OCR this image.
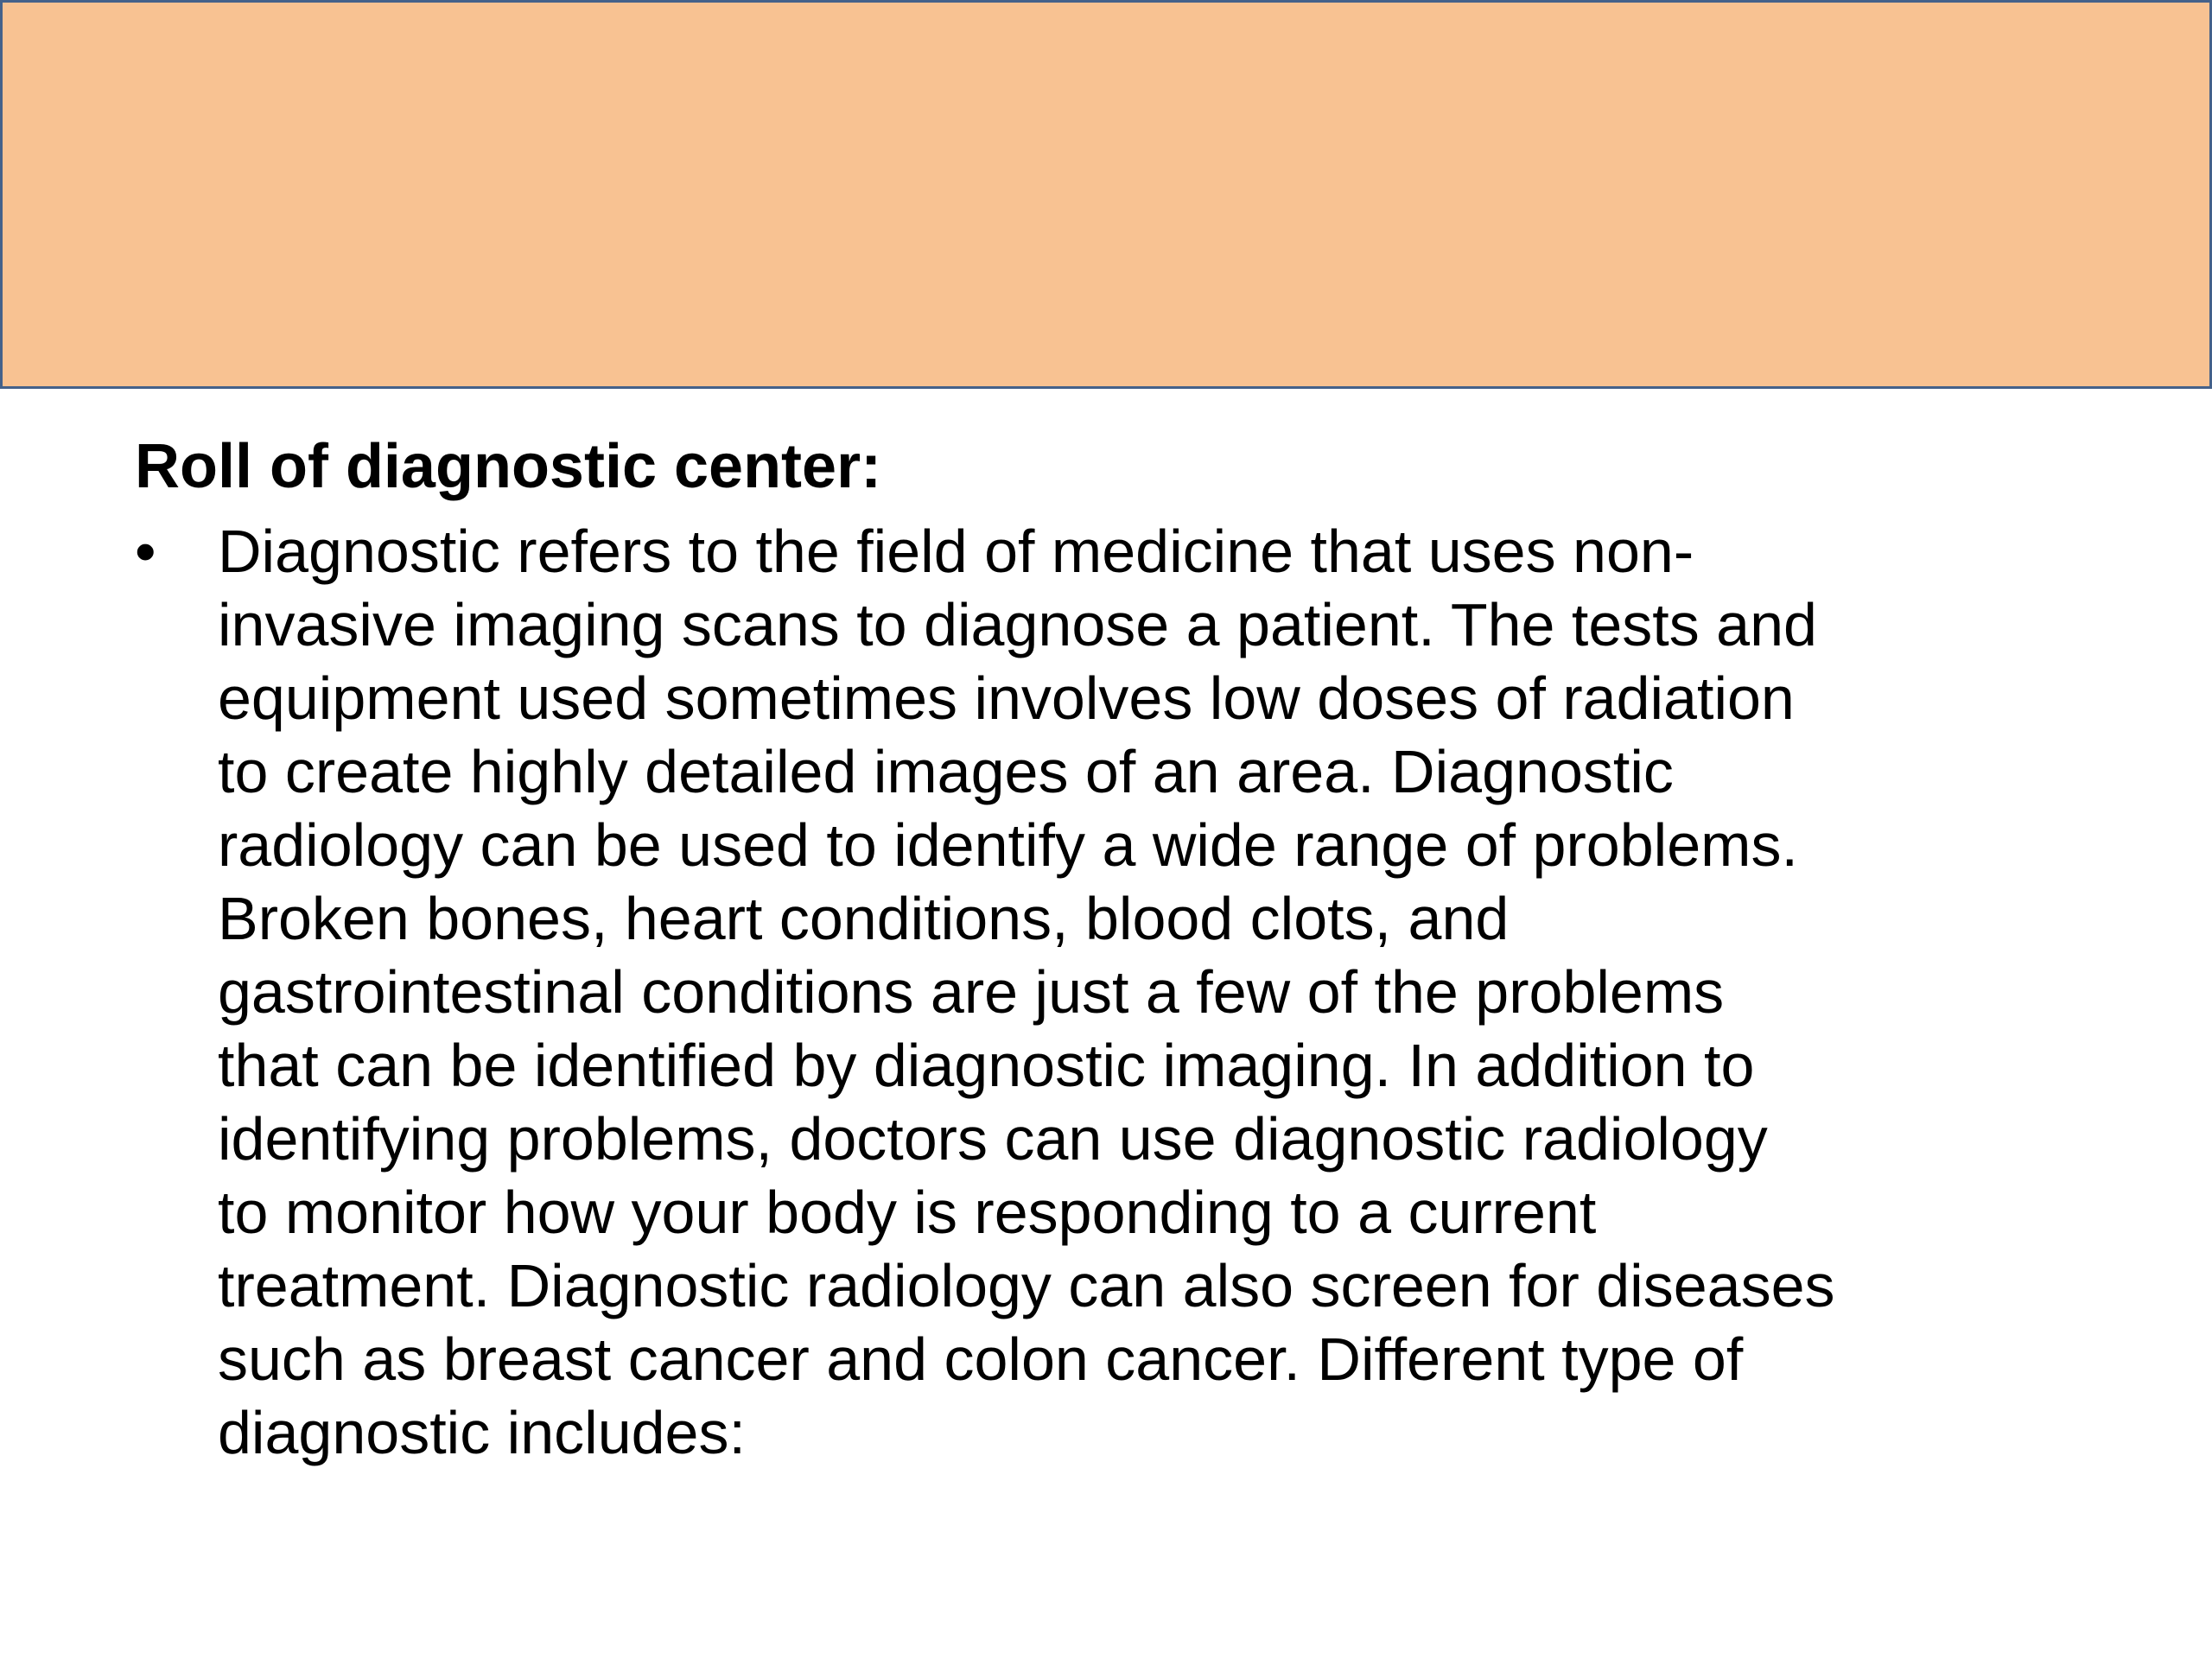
Roll of diagnostic center:
• Diagnostic refers to the field of medicine that uses non-
invasive imaging scans to diagnose a patient. The tests and
equipment used sometimes involves low doses of radiation
to create highly detailed images of an area. Diagnostic
radiology can be used to identify a wide range of problems.
Broken bones, heart conditions, blood clots, and
gastrointestinal conditions are just a few of the problems
that can be identified by diagnostic imaging. In addition to
identifying problems, doctors can use diagnostic radiology
to monitor how your body is responding to a current
treatment. Diagnostic radiology can also screen for diseases
such as breast cancer and colon cancer. Different type of
diagnostic includes:
